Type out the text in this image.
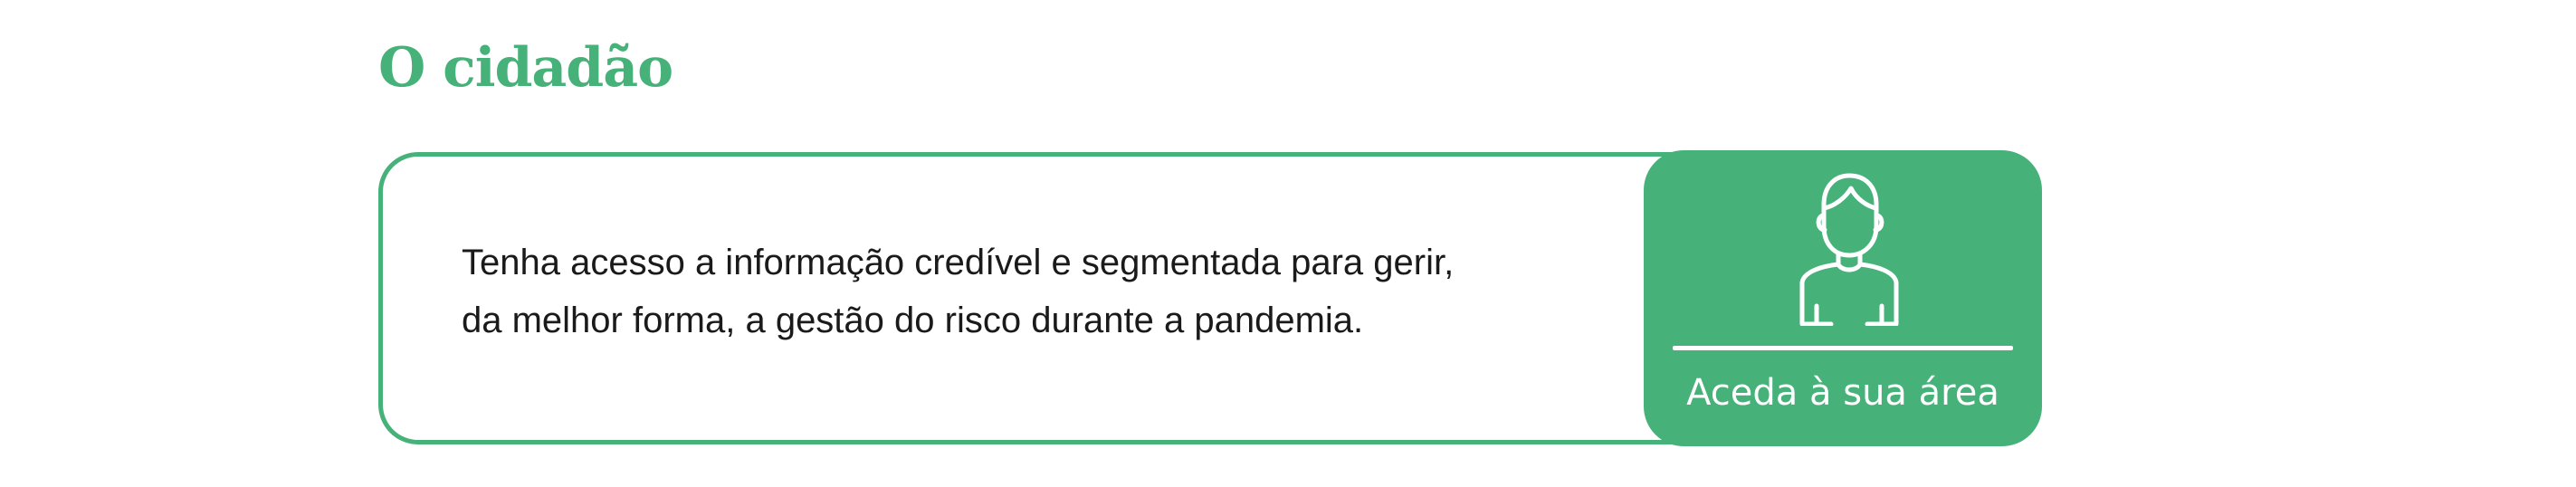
O cidadão

Tenha acesso a informação credível e segmentada para gerir,
da melhor forma, a gestão do risco durante a pandemia.

Aceda à sua área
